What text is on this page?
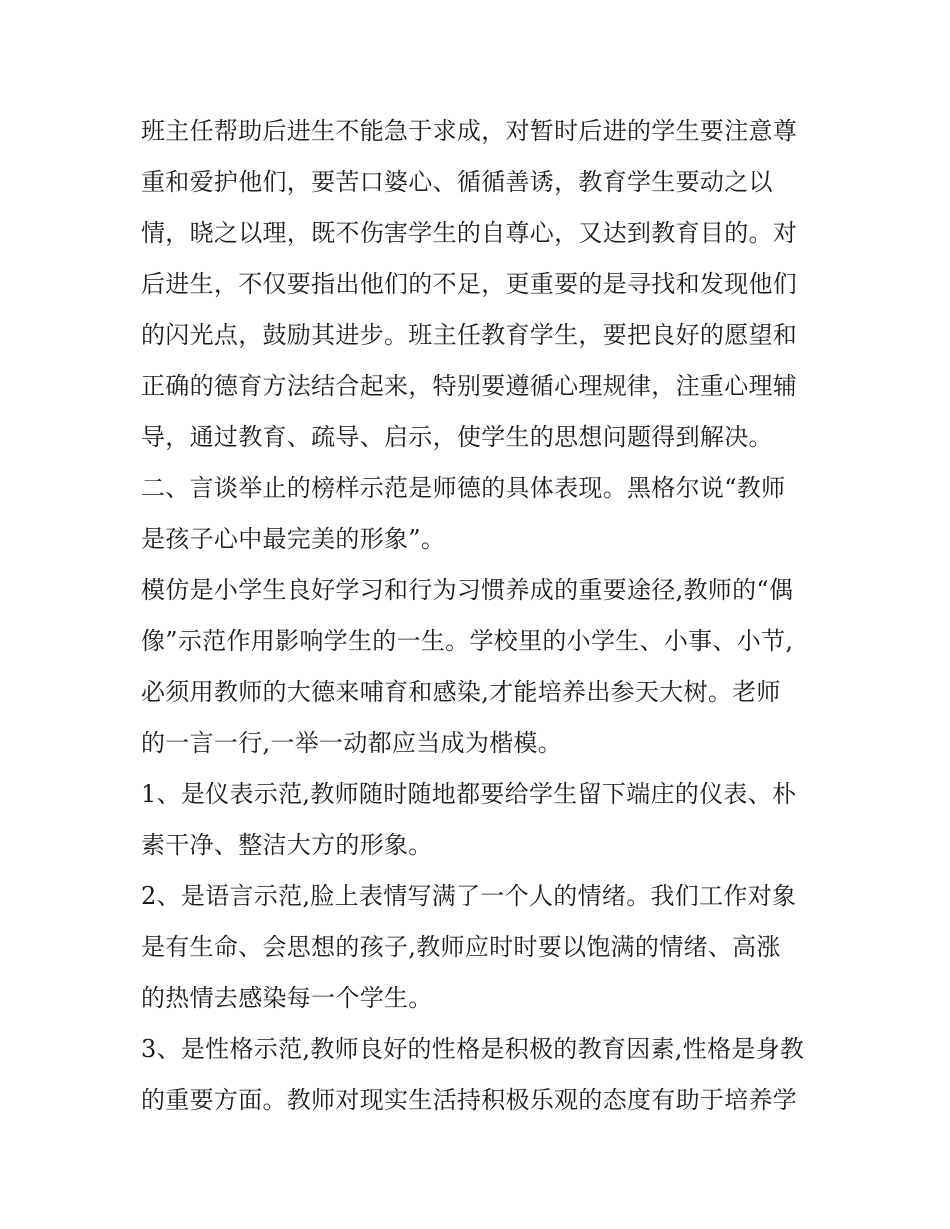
班主任帮助后进生不能急于求成，对暂时后进的学生要注意尊
重和爱护他们，要苦口婆心、循循善诱，教育学生要动之以
情，晓之以理，既不伤害学生的自尊心，又达到教育目的。对
后进生，不仅要指出他们的不足，更重要的是寻找和发现他们
的闪光点，鼓励其进步。班主任教育学生，要把良好的愿望和
正确的德育方法结合起来，特别要遵循心理规律，注重心理辅
导，通过教育、疏导、启示，使学生的思想问题得到解决。
二、言谈举止的榜样示范是师德的具体表现。黑格尔说“教师
是孩子心中最完美的形象”。
模仿是小学生良好学习和行为习惯养成的重要途径,教师的“偶
像”示范作用影响学生的一生。学校里的小学生、小事、小节,
必须用教师的大德来哺育和感染,才能培养出参天大树。老师
的一言一行,一举一动都应当成为楷模。
1、是仪表示范,教师随时随地都要给学生留下端庄的仪表、朴
素干净、整洁大方的形象。
2、是语言示范,脸上表情写满了一个人的情绪。我们工作对象
是有生命、会思想的孩子,教师应时时要以饱满的情绪、高涨
的热情去感染每一个学生。
3、是性格示范,教师良好的性格是积极的教育因素,性格是身教
的重要方面。教师对现实生活持积极乐观的态度有助于培养学
